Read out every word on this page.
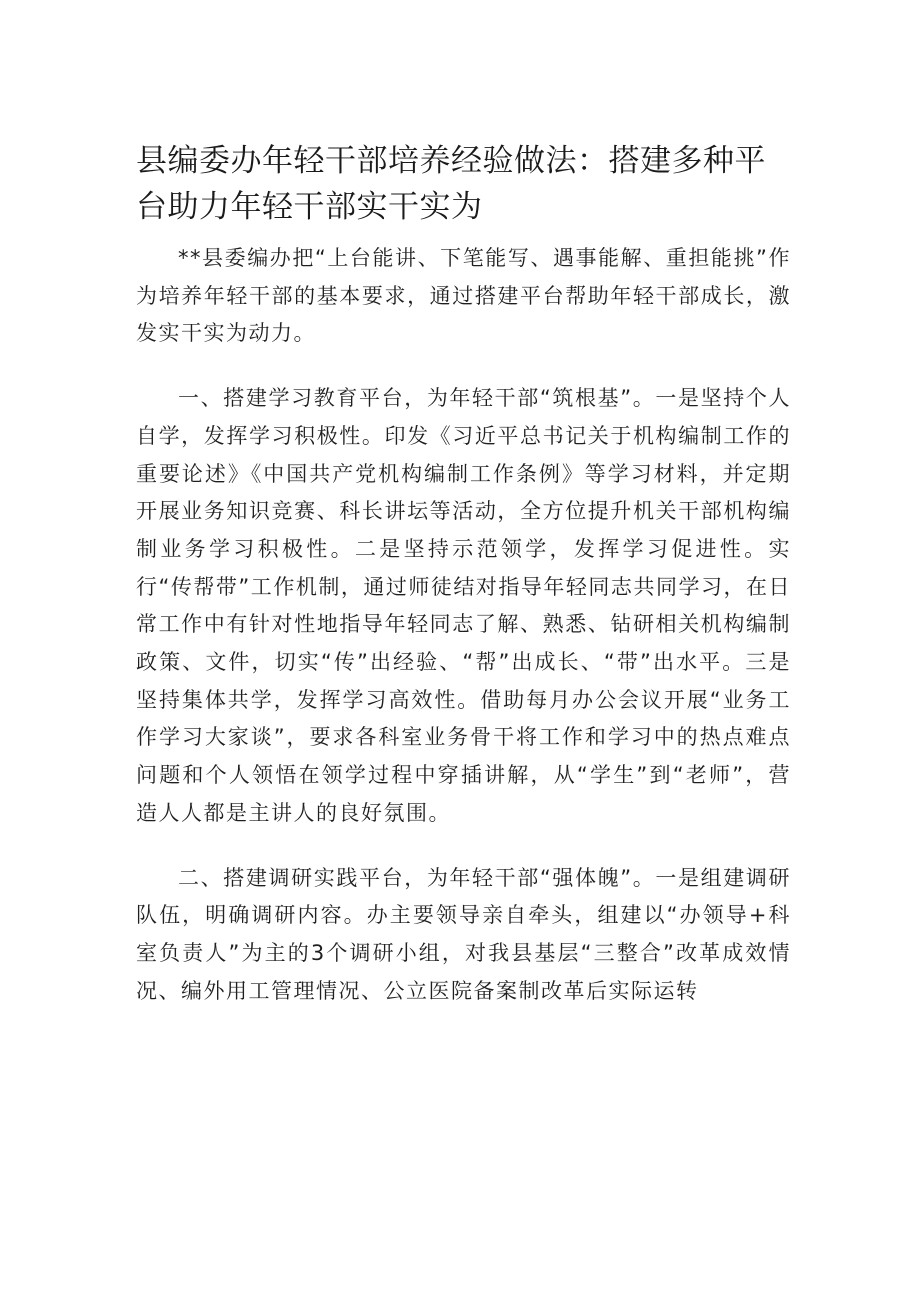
县编委办年轻干部培养经验做法：搭建多种平台助力年轻干部实干实为

**县委编办把“上台能讲、下笔能写、遇事能解、重担能挑”作为培养年轻干部的基本要求，通过搭建平台帮助年轻干部成长，激发实干实为动力。

一、搭建学习教育平台，为年轻干部“筑根基”。一是坚持个人自学，发挥学习积极性。印发《习近平总书记关于机构编制工作的重要论述》《中国共产党机构编制工作条例》等学习材料，并定期开展业务知识竞赛、科长讲坛等活动，全方位提升机关干部机构编制业务学习积极性。二是坚持示范领学，发挥学习促进性。实行“传帮带”工作机制，通过师徒结对指导年轻同志共同学习，在日常工作中有针对性地指导年轻同志了解、熟悉、钻研相关机构编制政策、文件，切实“传”出经验、“帮”出成长、“带”出水平。三是坚持集体共学，发挥学习高效性。借助每月办公会议开展“业务工作学习大家谈”，要求各科室业务骨干将工作和学习中的热点难点问题和个人领悟在领学过程中穿插讲解，从“学生”到“老师”，营造人人都是主讲人的良好氛围。

二、搭建调研实践平台，为年轻干部“强体魄”。一是组建调研队伍，明确调研内容。办主要领导亲自牵头，组建以“办领导+科室负责人”为主的3个调研小组，对我县基层“三整合”改革成效情况、编外用工管理情况、公立医院备案制改革后实际运转
